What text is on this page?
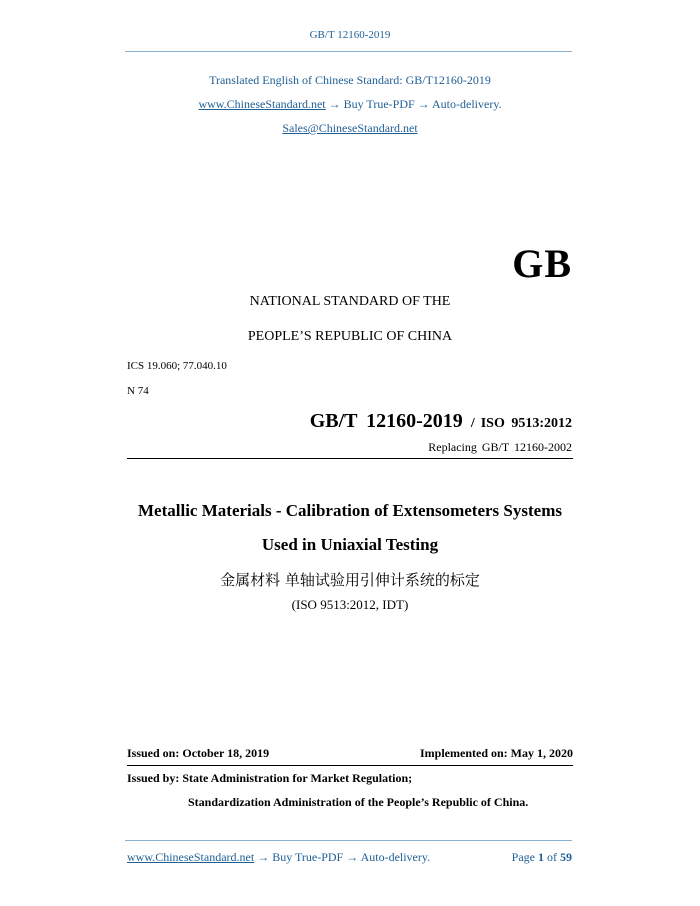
GB/T 12160-2019
Translated English of Chinese Standard: GB/T12160-2019
www.ChineseStandard.net → Buy True-PDF → Auto-delivery.
Sales@ChineseStandard.net
GB
NATIONAL STANDARD OF THE
PEOPLE’S REPUBLIC OF CHINA
ICS 19.060; 77.040.10
N 74
GB/T 12160-2019 / ISO 9513:2012
Replacing GB/T 12160-2002
Metallic Materials - Calibration of Extensometers Systems
Used in Uniaxial Testing
金属材料 单轴试验用引伸计系统的标定
(ISO 9513:2012, IDT)
Issued on: October 18, 2019	Implemented on: May 1, 2020
Issued by: State Administration for Market Regulation;
Standardization Administration of the People’s Republic of China.
www.ChineseStandard.net → Buy True-PDF → Auto-delivery.	Page 1 of 59
